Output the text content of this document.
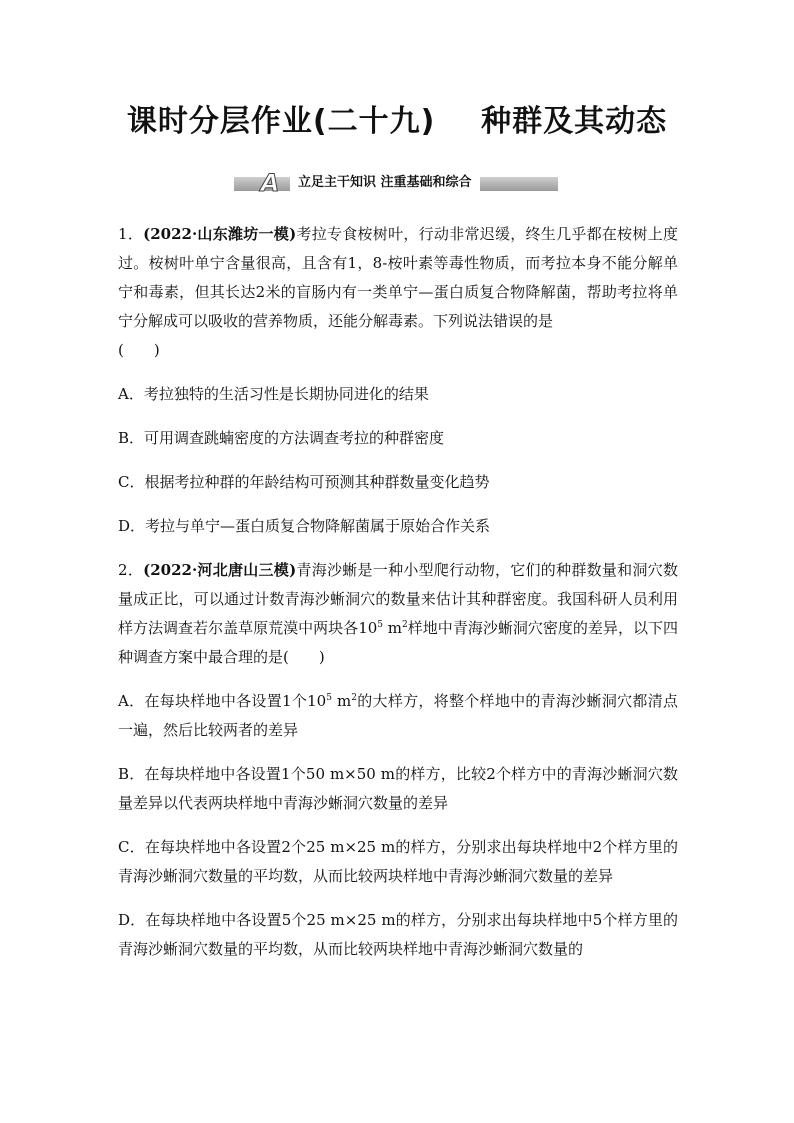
课时分层作业(二十九)    种群及其动态
A	立足主干知识 注重基础和综合

1．(2022·山东潍坊一模)考拉专食桉树叶，行动非常迟缓，终生几乎都在桉树上度过。桉树叶单宁含量很高，且含有1，8-桉叶素等毒性物质，而考拉本身不能分解单宁和毒素，但其长达2米的盲肠内有一类单宁—蛋白质复合物降解菌，帮助考拉将单宁分解成可以吸收的营养物质，还能分解毒素。下列说法错误的是

(　　)

A．考拉独特的生活习性是长期协同进化的结果

B．可用调查跳蝻密度的方法调查考拉的种群密度

C．根据考拉种群的年龄结构可预测其种群数量变化趋势

D．考拉与单宁—蛋白质复合物降解菌属于原始合作关系

2．(2022·河北唐山三模)青海沙蜥是一种小型爬行动物，它们的种群数量和洞穴数量成正比，可以通过计数青海沙蜥洞穴的数量来估计其种群密度。我国科研人员利用样方法调查若尔盖草原荒漠中两块各$10^5$ $m^2$样地中青海沙蜥洞穴密度的差异，以下四种调查方案中最合理的是(　　)

A．在每块样地中各设置1个$10^5$ $m^2$的大样方，将整个样地中的青海沙蜥洞穴都清点一遍，然后比较两者的差异

B．在每块样地中各设置1个50 m×50 m的样方，比较2个样方中的青海沙蜥洞穴数量差异以代表两块样地中青海沙蜥洞穴数量的差异

C．在每块样地中各设置2个25 m×25 m的样方，分别求出每块样地中2个样方里的青海沙蜥洞穴数量的平均数，从而比较两块样地中青海沙蜥洞穴数量的差异

D．在每块样地中各设置5个25 m×25 m的样方，分别求出每块样地中5个样方里的青海沙蜥洞穴数量的平均数，从而比较两块样地中青海沙蜥洞穴数量的
